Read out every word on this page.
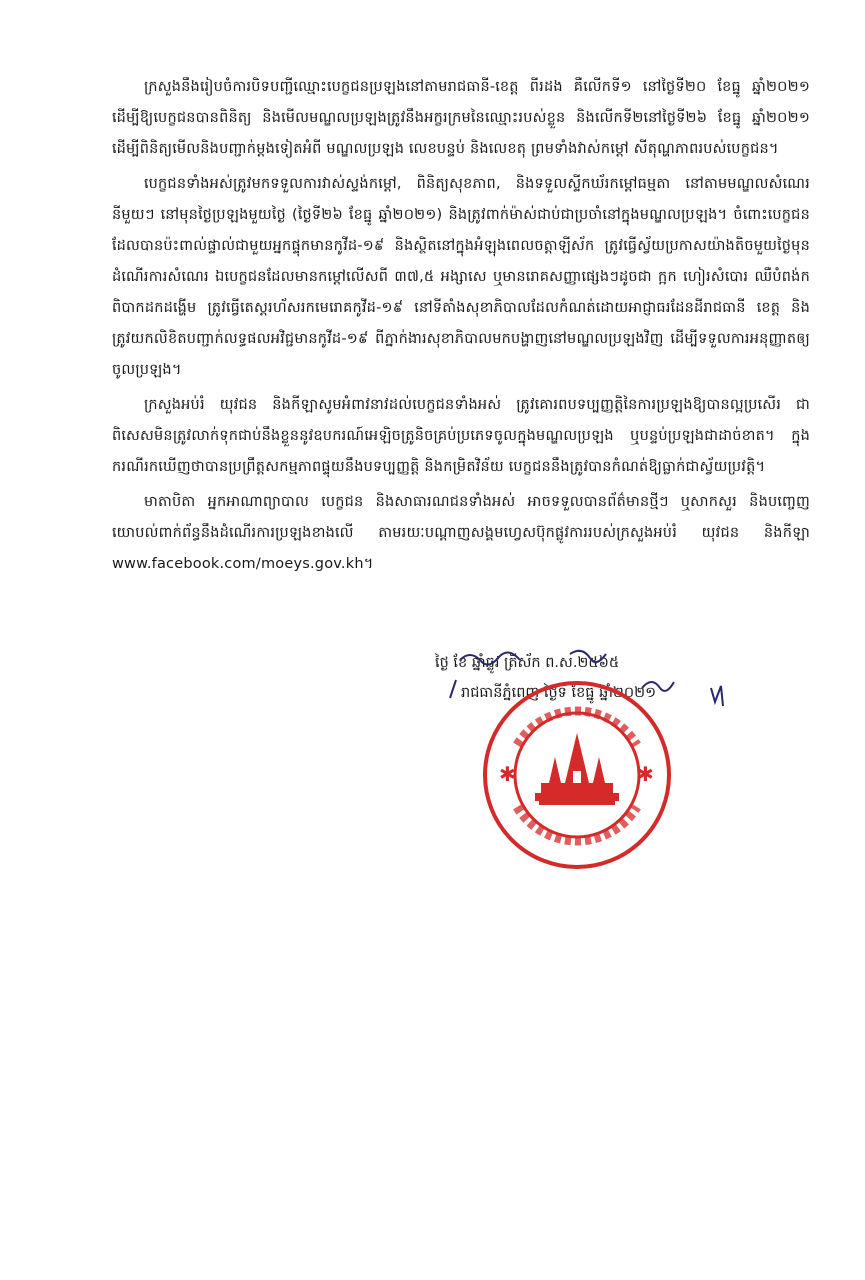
ក្រសួងនឹងរៀបចំការបិទបញ្ជីឈ្មោះបេក្ខជនប្រឡងនៅតាមរាជធានី-ខេត្ត ពីរដង គឺលើកទី១ នៅថ្ងៃទី២០ ខែធ្នូ ឆ្នាំ២០២១ ដើម្បីឱ្យបេក្ខជនបានពិនិត្យ និងមើលមណ្ឌលប្រឡងត្រូវនឹងអក្ខរក្រមនៃឈ្មោះរបស់ខ្លួន និងលើកទី២នៅថ្ងៃទី២៦ ខែធ្នូ ឆ្នាំ២០២១ ដើម្បីពិនិត្យមើលនិងបញ្ជាក់ម្តងទៀតអំពី មណ្ឌលប្រឡង លេខបន្ទប់ និងលេខតុ ព្រមទាំងវាស់កម្តៅ សីតុណ្ហភាពរបស់បេក្ខជន។

បេក្ខជនទាំងអស់ត្រូវមកទទួលការវាស់ស្ទង់កម្តៅ, ពិនិត្យសុខភាព, និងទទួលស្ទីកឃ័រកម្តៅធម្មតា នៅតាមមណ្ឌលសំណេរនីមួយៗ នៅមុនថ្ងៃប្រឡងមួយថ្ងៃ (ថ្ងៃទី២៦ ខែធ្នូ ឆ្នាំ២០២១) និងត្រូវពាក់ម៉ាស់ជាប់ជាប្រចាំនៅក្នុងមណ្ឌលប្រឡង។ ចំពោះបេក្ខជនដែលបានប៉ះពាល់ផ្ទាល់ជាមួយអ្នកផ្ទុកមានកូវីដ-១៩ និងស្ថិតនៅក្នុងអំឡុងពេលចត្តាឡីស័ក ត្រូវធ្វើស្វ័យប្រកាសយ៉ាងតិចមួយថ្ងៃមុនដំណើរការសំណេរ ឯបេក្ខជនដែលមានកម្តៅលើសពី ៣៧,៥ អង្សាសេ ឬមានរោគសញ្ញាផ្សេងៗដូចជា ក្អក ហៀរសំបោរ ឈឺបំពង់ក ពិបាកដកដង្ហើម ត្រូវធ្វើតេស្តរហ័សរកមេរោគកូវីដ-១៩ នៅទីតាំងសុខាភិបាលដែលកំណត់ដោយអាជ្ញាធរដែនដីរាជធានី ខេត្ត និងត្រូវយកលិខិតបញ្ជាក់លទ្ធផលអវិជ្ជមានកូវីដ-១៩ ពីភ្នាក់ងារសុខាភិបាលមកបង្ហាញនៅមណ្ឌលប្រឡងវិញ ដើម្បីទទួលការអនុញ្ញាតឲ្យចូលប្រឡង។

ក្រសួងអប់រំ យុវជន និងកីឡាសូមអំពាវនាវដល់បេក្ខជនទាំងអស់ ត្រូវគោរពបទប្បញ្ញត្តិនៃការប្រឡងឱ្យបានល្អប្រសើរ ជាពិសេសមិនត្រូវលាក់ទុកជាប់នឹងខ្លួននូវឧបករណ៍អេឡិចត្រូនិចគ្រប់ប្រភេទចូលក្នុងមណ្ឌលប្រឡង ឬបន្ទប់ប្រឡងជាដាច់ខាត។ ក្នុងករណីរកឃើញថាបានប្រព្រឹត្តសកម្មភាពផ្ទុយនឹងបទប្បញ្ញត្តិ និងកម្រិតវិន័យ បេក្ខជននឹងត្រូវបានកំណត់ឱ្យធ្លាក់ជាស្វ័យប្រវត្តិ។

មាតាបិតា អ្នកអាណាព្យាបាល បេក្ខជន និងសាធារណជនទាំងអស់ អាចទទួលបានព័ត៌មានថ្មីៗ ឬសាកសួរ និងបញ្ចេញយោបល់ពាក់ព័ន្ធនឹងដំណើរការប្រឡងខាងលើ តាមរយៈបណ្តាញសង្គមហ្វេសប៊ុកផ្លូវការរបស់ក្រសួងអប់រំ យុវជន និងកីឡា www.facebook.com/moeys.gov.kh។

ថ្ងៃ ខែ ឆ្នាំឆ្លូវ ត្រីស័ក ព.ស.២៥៦៥
រាជធានីភ្នំពេញ ថ្ងៃទី ខែធ្នូ ឆ្នាំ២០២១
✱	✱
